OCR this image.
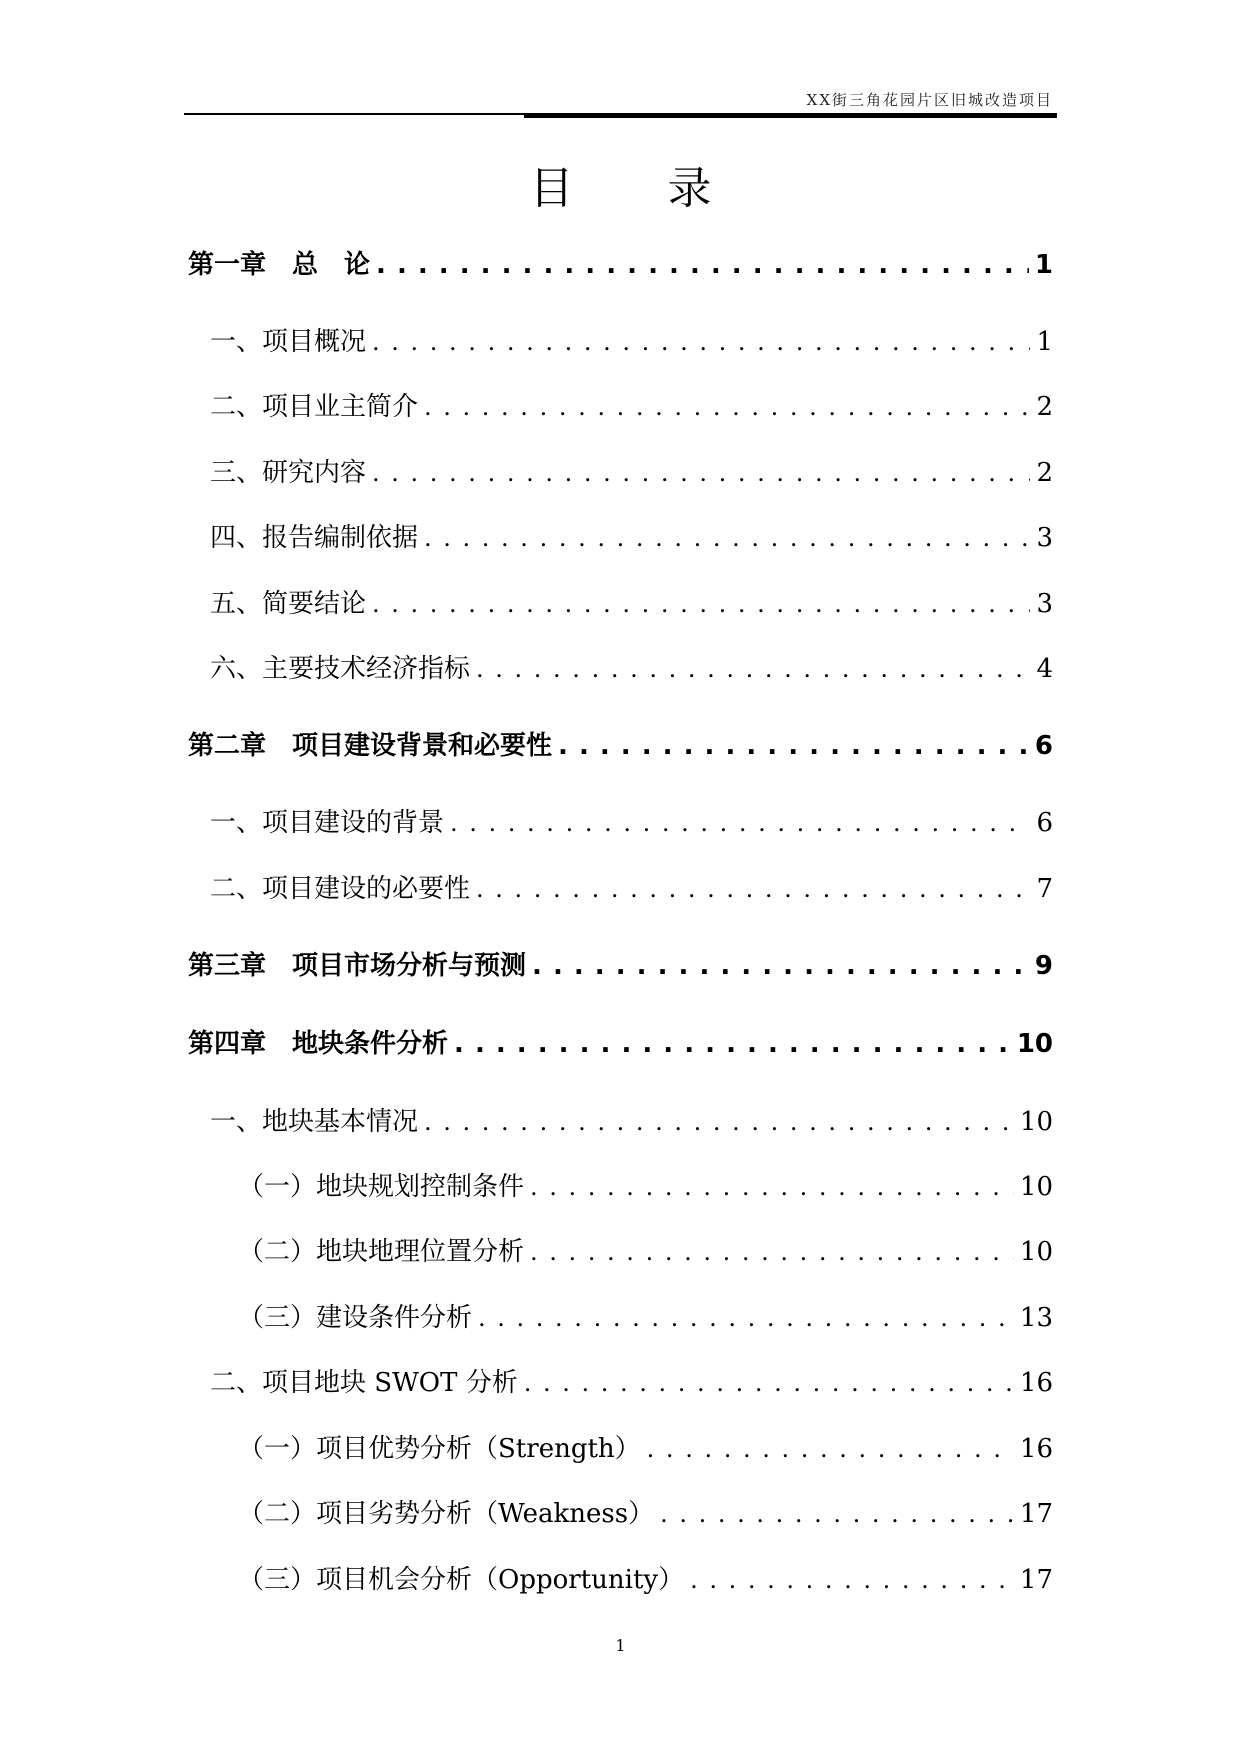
XX街三角花园片区旧城改造项目
目 录
第一章　总　论 . . .	1
一、项目概况 . . .	1
二、项目业主简介 . . .	2
三、研究内容 . . .	2
四、报告编制依据 . . .	3
五、简要结论 . . .	3
六、主要技术经济指标 . . .	4
第二章　项目建设背景和必要性 . . .	6
一、项目建设的背景 . . .	6
二、项目建设的必要性 . . .	7
第三章　项目市场分析与预测 . . .	9
第四章　地块条件分析 . . .	10
一、地块基本情况 . . .	10
（一）地块规划控制条件 . . .	10
（二）地块地理位置分析 . . .	10
（三）建设条件分析 . . .	13
二、项目地块 SWOT 分析 . . .	16
（一）项目优势分析（Strength） . . .	16
（二）项目劣势分析（Weakness） . . .	17
（三）项目机会分析（Opportunity） . . .	17
1
